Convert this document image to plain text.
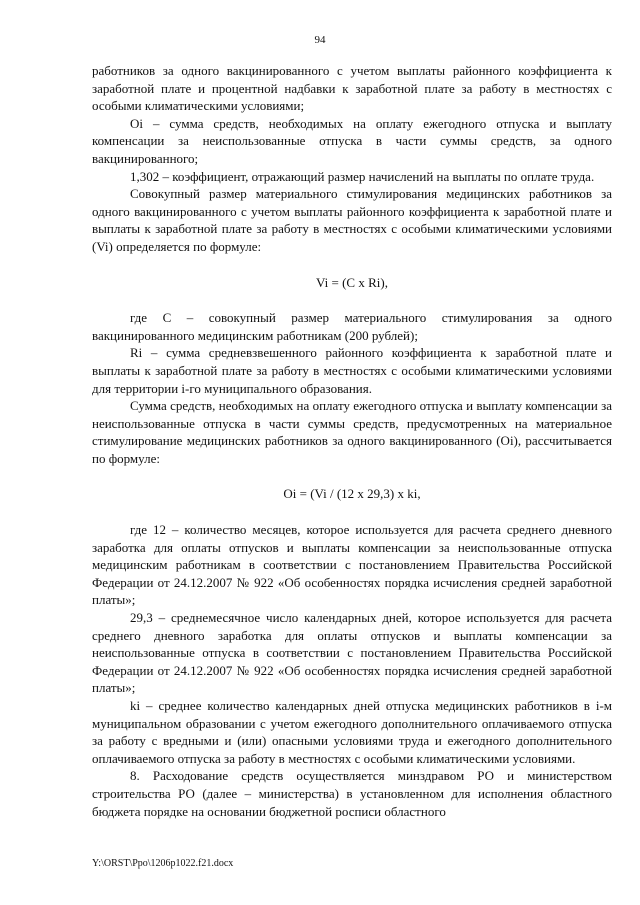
94

работников за одного вакцинированного с учетом выплаты районного коэффициента к заработной плате и процентной надбавки к заработной плате за работу в местностях с особыми климатическими условиями;

Oi – сумма средств, необходимых на оплату ежегодного отпуска и выплату компенсации за неиспользованные отпуска в части суммы средств, за одного вакцинированного;

1,302 – коэффициент, отражающий размер начислений на выплаты по оплате труда.

Совокупный размер материального стимулирования медицинских работников за одного вакцинированного с учетом выплаты районного коэффициента к заработной плате и выплаты к заработной плате за работу в местностях с особыми климатическими условиями (Vi) определяется по формуле:

Vi = (C x Ri),

где C – совокупный размер материального стимулирования за одного вакцинированного медицинским работникам (200 рублей);

Ri – сумма средневзвешенного районного коэффициента к заработной плате и выплаты к заработной плате за работу в местностях с особыми климатическими условиями для территории i-го муниципального образования.

Сумма средств, необходимых на оплату ежегодного отпуска и выплату компенсации за неиспользованные отпуска в части суммы средств, предусмотренных на материальное стимулирование медицинских работников за одного вакцинированного (Oi), рассчитывается по формуле:

Oi = (Vi / (12 x 29,3) x ki,

где 12 – количество месяцев, которое используется для расчета среднего дневного заработка для оплаты отпусков и выплаты компенсации за неиспользованные отпуска медицинским работникам в соответствии с постановлением Правительства Российской Федерации от 24.12.2007 № 922 «Об особенностях порядка исчисления средней заработной платы»;

29,3 – среднемесячное число календарных дней, которое используется для расчета среднего дневного заработка для оплаты отпусков и выплаты компенсации за неиспользованные отпуска в соответствии с постановлением Правительства Российской Федерации от 24.12.2007 № 922 «Об особенностях порядка исчисления средней заработной платы»;

ki – среднее количество календарных дней отпуска медицинских работников в i-м муниципальном образовании с учетом ежегодного дополнительного оплачиваемого отпуска за работу с вредными и (или) опасными условиями труда и ежегодного дополнительного оплачиваемого отпуска за работу в местностях с особыми климатическими условиями.

8. Расходование средств осуществляется минздравом РО и министерством строительства РО (далее – министерства) в установленном для исполнения областного бюджета порядке на основании бюджетной росписи областного

Y:\ORST\Ppo\1206p1022.f21.docx
